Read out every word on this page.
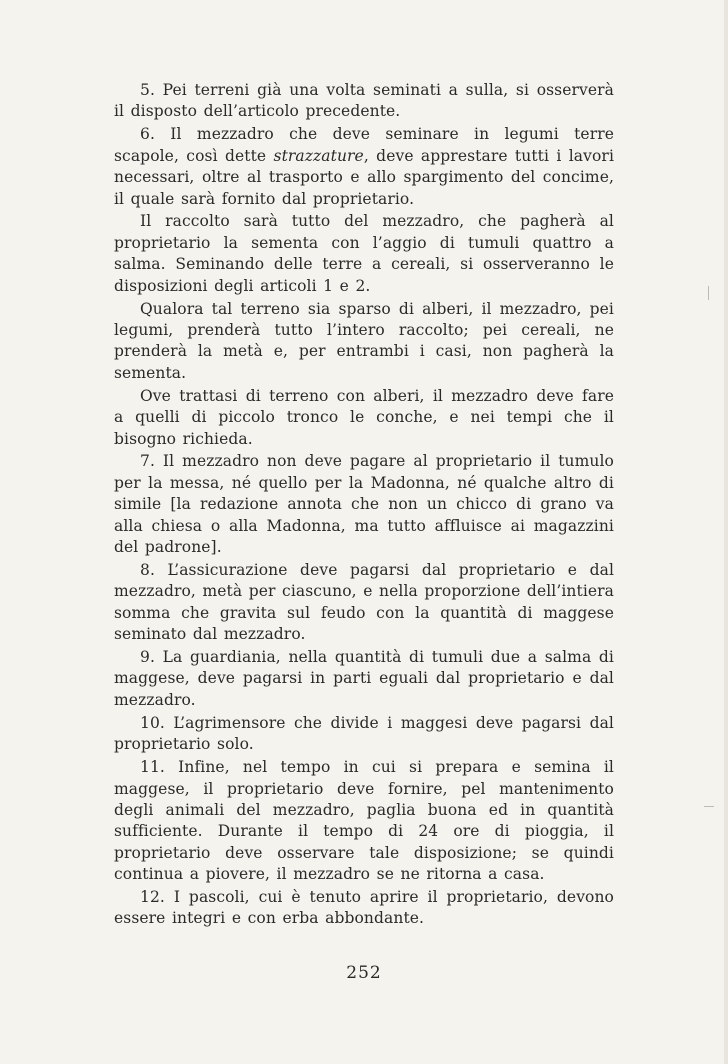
5. Pei terreni già una volta seminati a sulla, si osserverà il disposto dell’articolo precedente.

6. Il mezzadro che deve seminare in legumi terre scapole, così dette strazzature, deve apprestare tutti i lavori necessari, oltre al trasporto e allo spargimento del concime, il quale sarà fornito dal proprietario.

Il raccolto sarà tutto del mezzadro, che pagherà al proprietario la sementa con l’aggio di tumuli quattro a salma. Seminando delle terre a cereali, si osserveranno le disposizioni degli articoli 1 e 2.

Qualora tal terreno sia sparso di alberi, il mezzadro, pei legumi, prenderà tutto l’intero raccolto; pei cereali, ne prenderà la metà e, per entrambi i casi, non pagherà la sementa.

Ove trattasi di terreno con alberi, il mezzadro deve fare a quelli di piccolo tronco le conche, e nei tempi che il bisogno richieda.

7. Il mezzadro non deve pagare al proprietario il tumulo per la messa, né quello per la Madonna, né qualche altro di simile [la redazione annota che non un chicco di grano va alla chiesa o alla Madonna, ma tutto affluisce ai magazzini del padrone].

8. L’assicurazione deve pagarsi dal proprietario e dal mezzadro, metà per ciascuno, e nella proporzione dell’intiera somma che gravita sul feudo con la quantità di maggese seminato dal mezzadro.

9. La guardiania, nella quantità di tumuli due a salma di maggese, deve pagarsi in parti eguali dal proprietario e dal mezzadro.

10. L’agrimensore che divide i maggesi deve pagarsi dal proprietario solo.

11. Infine, nel tempo in cui si prepara e semina il maggese, il proprietario deve fornire, pel mantenimento degli animali del mezzadro, paglia buona ed in quantità sufficiente. Durante il tempo di 24 ore di pioggia, il proprietario deve osservare tale disposizione; se quindi continua a piovere, il mezzadro se ne ritorna a casa.

12. I pascoli, cui è tenuto aprire il proprietario, devono essere integri e con erba abbondante.

252
